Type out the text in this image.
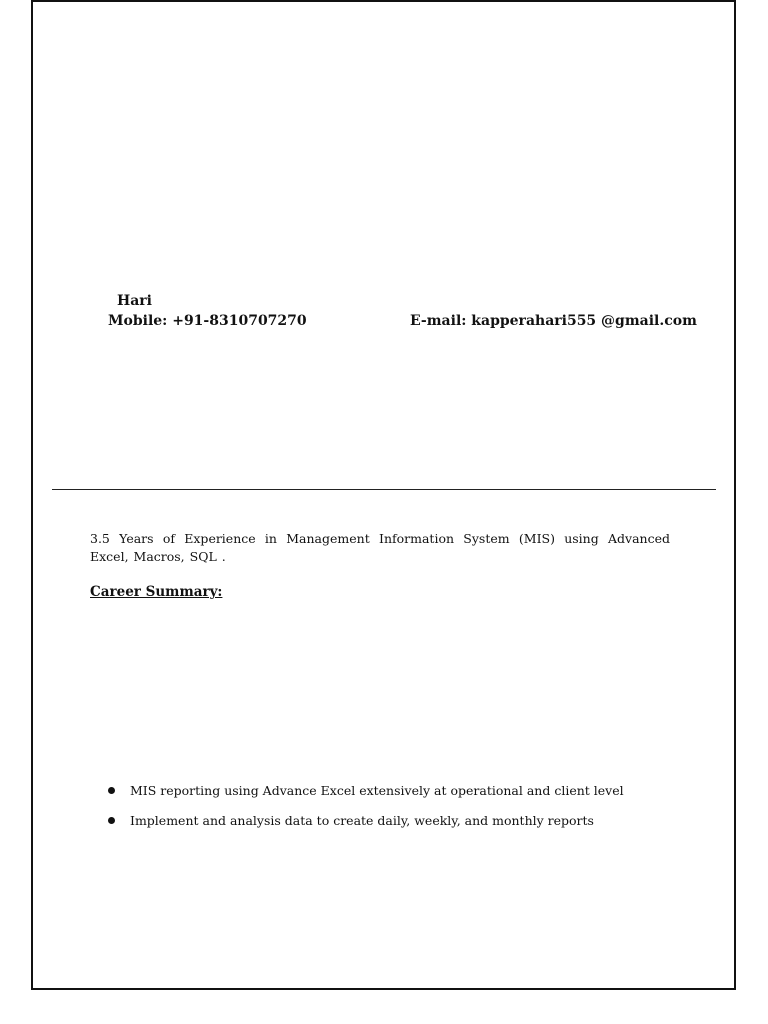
Hari
Mobile: +91-8310707270	E-mail: kapperahari555 @gmail.com
3.5 Years of Experience in Management Information System (MIS) using Advanced Excel, Macros, SQL .
Career Summary:
MIS reporting using Advance Excel extensively at operational and client level
Implement and analysis data to create daily, weekly, and monthly reports
